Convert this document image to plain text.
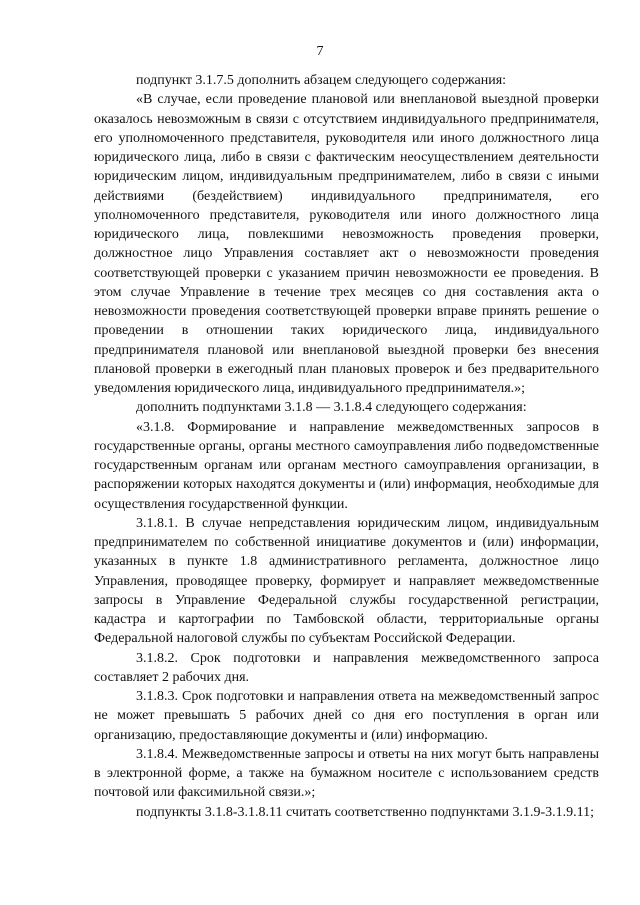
7

подпункт 3.1.7.5 дополнить абзацем следующего содержания:

«В случае, если проведение плановой или внеплановой выездной проверки оказалось невозможным в связи с отсутствием индивидуального предпринимателя, его уполномоченного представителя, руководителя или иного должностного лица юридического лица, либо в связи с фактическим неосуществлением деятельности юридическим лицом, индивидуальным предпринимателем, либо в связи с иными действиями (бездействием) индивидуального предпринимателя, его уполномоченного представителя, руководителя или иного должностного лица юридического лица, повлекшими невозможность проведения проверки, должностное лицо Управления составляет акт о невозможности проведения соответствующей проверки с указанием причин невозможности ее проведения. В этом случае Управление в течение трех месяцев со дня составления акта о невозможности проведения соответствующей проверки вправе принять решение о проведении в отношении таких юридического лица, индивидуального предпринимателя плановой или внеплановой выездной проверки без внесения плановой проверки в ежегодный план плановых проверок и без предварительного уведомления юридического лица, индивидуального предпринимателя.»;

дополнить подпунктами 3.1.8 — 3.1.8.4 следующего содержания:

«3.1.8. Формирование и направление межведомственных запросов в государственные органы, органы местного самоуправления либо подведомственные государственным органам или органам местного самоуправления организации, в распоряжении которых находятся документы и (или) информация, необходимые для осуществления государственной функции.

3.1.8.1. В случае непредставления юридическим лицом, индивидуальным предпринимателем по собственной инициативе документов и (или) информации, указанных в пункте 1.8 административного регламента, должностное лицо Управления, проводящее проверку, формирует и направляет межведомственные запросы в Управление Федеральной службы государственной регистрации, кадастра и картографии по Тамбовской области, территориальные органы Федеральной налоговой службы по субъектам Российской Федерации.

3.1.8.2. Срок подготовки и направления межведомственного запроса составляет 2 рабочих дня.

3.1.8.3. Срок подготовки и направления ответа на межведомственный запрос не может превышать 5 рабочих дней со дня его поступления в орган или организацию, предоставляющие документы и (или) информацию.

3.1.8.4. Межведомственные запросы и ответы на них могут быть направлены в электронной форме, а также на бумажном носителе с использованием средств почтовой или факсимильной связи.»;

подпункты 3.1.8-3.1.8.11 считать соответственно подпунктами 3.1.9-3.1.9.11;
